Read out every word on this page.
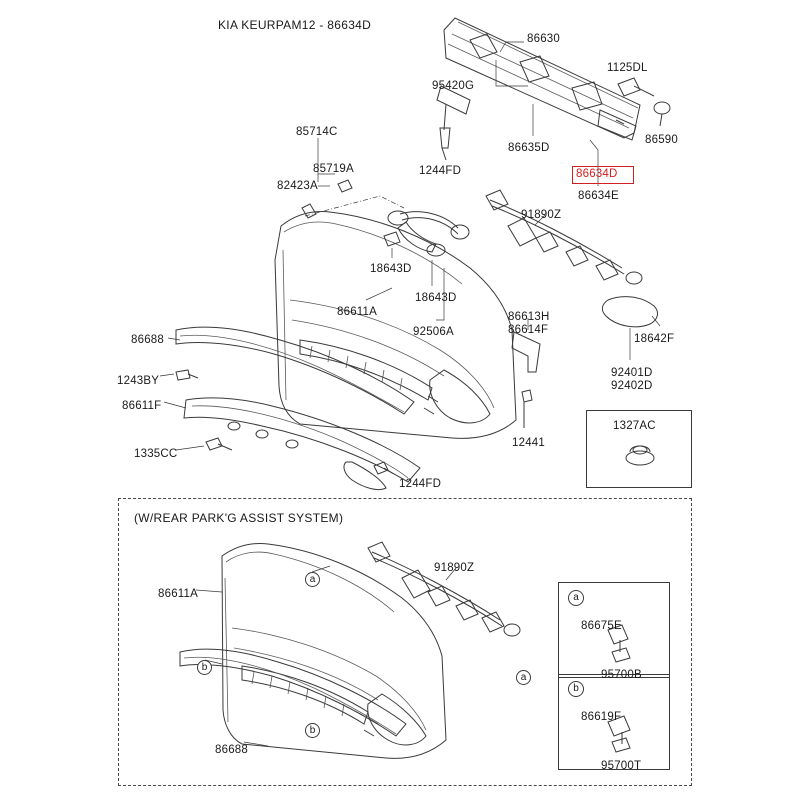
KIA KEURPAM12 - 86634D
86634D
(W/REAR PARK'G ASSIST SYSTEM)
86630
1125DL
95420G
86590
86635D
85714C
85719A	1244FD
86634E
82423A
91890Z
18643D
18643D
86611A
92506A
86613H
86614F
18642F
92401D
92402D
86688
1243BY
86611F
1335CC
12441
1327AC
1244FD
91890Z
86611A
86675E
95700B
86619F
95700T
86688
a
a
b
b
a
b
